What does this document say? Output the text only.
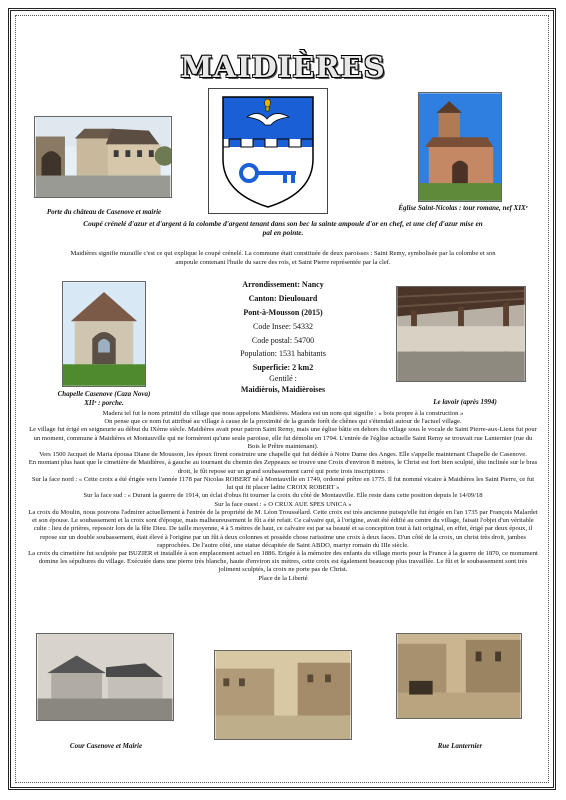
MAIDIÈRES
Porte du château de Casenove et mairie	Église Saint-Nicolas : tour romane, nef XIXᵉ
Coupé crénelé d'azur et d'argent à la colombe d'argent tenant dans son bec la sainte ampoule d'or en chef, et une clef d'azur mise en pal en pointe.
Maidières signifie muraille c'est ce qui explique le coupé crénelé. La commune était constituée de deux paroisses : Saint Remy, symbolisée par la colombe et son ampoule contenant l'huile du sacre des rois, et Saint Pierre représentée par la clef.
Chapelle Casenove (Caza Nova)
XIIᵉ : porche.
Arrondissement: Nancy
Canton: Dieulouard
Pont-à-Mousson (2015)
Code Insee: 54332
Code postal: 54700
Population: 1531 habitants
Superficie: 2 km2
Gentilé :
Maidièrois, Maidièroises
Le lavoir (après 1994)

Madera tel fut le nom primitif du village que nous appelons Maidières. Madera est un nom qui signifie : « bois propre à la construction »

On pense que ce nom fut attribué au village à cause de la proximité de la grande forêt de chênes qui s'étendait autour de l'actuel village.

Le village fut érigé en seigneurie au début du IXème siècle. Maidières avait pour patron Saint Remy, mais une église bâtie en dehors du village sous le vocale de Saint Pierre-aux-Liens fut pour un moment, commune à Maidières et Montauville qui ne formèrent qu'une seule paroisse, elle fut démolie en 1794. L'entrée de l'église actuelle Saint Remy se trouvait rue Lanternier (rue du Bois le Prêtre maintenant).

Vers 1500 Jacquet de Maria épousa Diane de Mousson, les époux firent construire une chapelle qui fut dédiée à Notre Dame des Anges. Elle s'appelle maintenant Chapelle de Casenove.

En montant plus haut que le cimetière de Maidières, à gauche au tournant du chemin des Zeppeaux se trouve une Croix d'environ 8 mètres, le Christ est fort bien sculpté, tête inclinée sur le bras droit, le fût repose sur un grand soubassement carré qui porte trois inscriptions :

Sur la face nord : « Cette croix a été érigée vers l'année 1178 par Nicolas ROBERT né à Montauville en 1749, ordonné prêtre en 1775. Il fut nommé vicaire à Maidières les Saint Pierre, ce fut lui qui fit placer ladite CROIX ROBERT »

Sur la face sud : « Durant la guerre de 1914, un éclat d'obus fit tourner la croix du côté de Montauville. Elle reste dans cette position depuis le 14/09/18

Sur la face ouest : « O CRUX AUE SPES UNICA »

La croix du Moulin, nous pouvons l'admirer actuellement à l'entrée de la propriété de M. Léon Troussélard. Cette croix est très ancienne puisqu'elle fut érigée en l'an 1735 par François Malardet et son épouse. Le soubassement et la croix sont d'époque, mais malheureusement le fût a été refait. Ce calvaire qui, à l'origine, avait été édifié au centre du village, faisait l'objet d'un véritable culte : lieu de prières, reposoir lors de la fête Dieu. De taille moyenne, 4 à 5 mètres de haut, ce calvaire est par sa beauté et sa conception tout à fait original, en effet, érigé par deux époux, il repose sur un double soubassement, était élevé à l'origine par un fût à deux colonnes et possède chose rarissime une croix à deux faces. D'un côté de la croix, un christ très droit, jambes rapprochées. De l'autre côté, une statue décapitée de Saint ABDO, martyr romain du IIIe siècle.

La croix du cimetière fut sculptée par BUZIER et installée à son emplacement actuel en 1886. Erigée à la mémoire des enfants du village morts pour la France à la guerre de 1870, ce monument domine les sépultures du village. Exécutée dans une pierre très blanche, haute d'environ six mètres, cette croix est également beaucoup plus travaillée. Le fût et le soubassement sont très joliment sculptés, la croix ne porte pas de Christ.

Place de la Liberté

Cour Casenove et Mairie	Rue Lanternier
